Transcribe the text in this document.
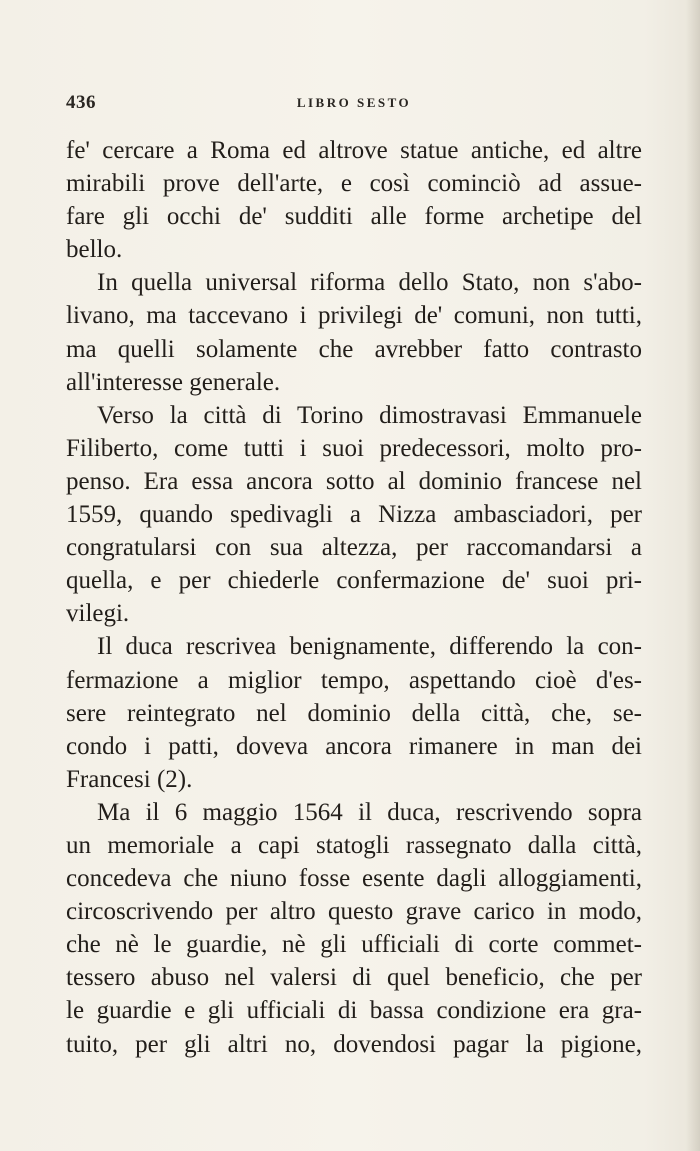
436	LIBRO SESTO
fe' cercare a Roma ed altrove statue antiche, ed altre
mirabili prove dell'arte, e così cominciò ad assue-
fare gli occhi de' sudditi alle forme archetipe del
bello.
In quella universal riforma dello Stato, non s'abo-
livano, ma taccevano i privilegi de' comuni, non tutti,
ma quelli solamente che avrebber fatto contrasto
all'interesse generale.
Verso la città di Torino dimostravasi Emmanuele
Filiberto, come tutti i suoi predecessori, molto pro-
penso. Era essa ancora sotto al dominio francese nel
1559, quando spedivagli a Nizza ambasciadori, per
congratularsi con sua altezza, per raccomandarsi a
quella, e per chiederle confermazione de' suoi pri-
vilegi.
Il duca rescrivea benignamente, differendo la con-
fermazione a miglior tempo, aspettando cioè d'es-
sere reintegrato nel dominio della città, che, se-
condo i patti, doveva ancora rimanere in man dei
Francesi (2).
Ma il 6 maggio 1564 il duca, rescrivendo sopra
un memoriale a capi statogli rassegnato dalla città,
concedeva che niuno fosse esente dagli alloggiamenti,
circoscrivendo per altro questo grave carico in modo,
che nè le guardie, nè gli ufficiali di corte commet-
tessero abuso nel valersi di quel beneficio, che per
le guardie e gli ufficiali di bassa condizione era gra-
tuito, per gli altri no, dovendosi pagar la pigione,
